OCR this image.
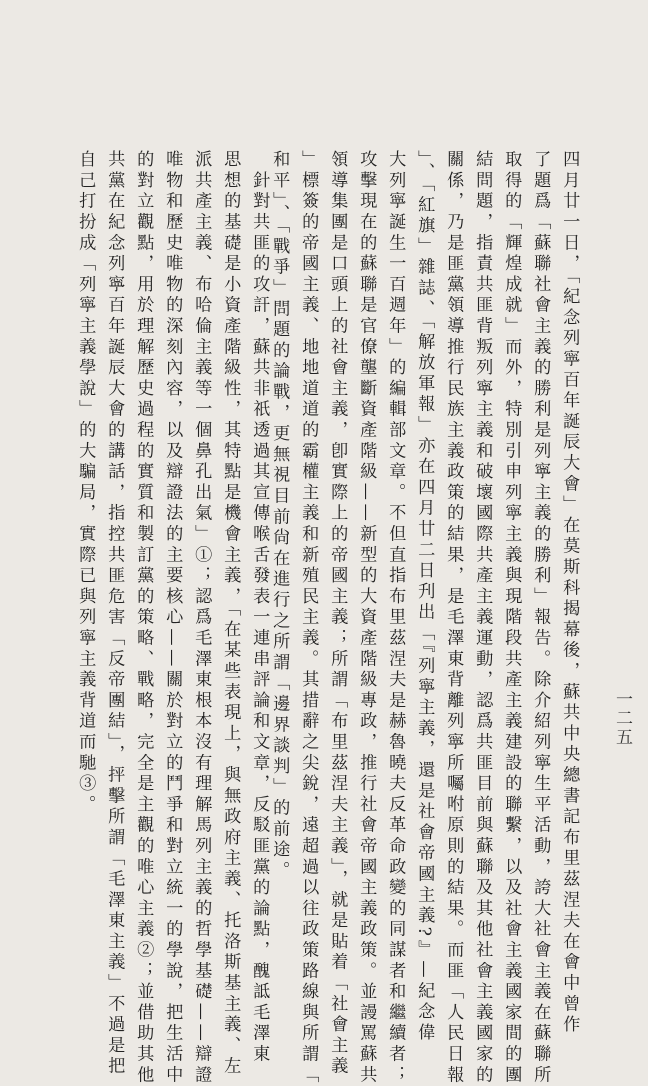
四月廿一日，「紀念列寧百年誕辰大會」在莫斯科揭幕後，蘇共中央總書記布里茲涅夫在會中曾作
了題爲「蘇聯社會主義的勝利是列寧主義的勝利」報告。除介紹列寧生平活動，誇大社會主義在蘇聯所
取得的「輝煌成就」而外，特別引申列寧主義與現階段共產主義建設的聯繫，以及社會主義國家間的團
結問題，指責共匪背叛列寧主義和破壞國際共產主義運動，認爲共匪目前與蘇聯及其他社會主義國家的
關係，乃是匪黨領導推行民族主義政策的結果，是毛澤東背離列寧所囑咐原則的結果。而匪「人民日報
」、「紅旗」雜誌、「解放軍報」亦在四月廿二日刋出「『列寧主義，還是社會帝國主義?』—紀念偉
大列寧誕生一百週年」的編輯部文章。不但直指布里茲涅夫是赫魯曉夫反革命政變的同謀者和繼續者；
攻擊現在的蘇聯是官僚壟斷資產階級——新型的大資產階級專政，推行社會帝國主義政策。並謾罵蘇共
領導集團是口頭上的社會主義，卽實際上的帝國主義；所謂「布里茲涅夫主義」，就是貼着「社會主義
」標簽的帝國主義、地地道道的霸權主義和新殖民主義。其措辭之尖銳，遠超過以往政策路線與所謂「
和平」、「戰爭」問題的論戰，更無視目前尙在進行之所謂「邊界談判」的前途。
　針對共匪的攻訐，蘇共非祇透過其宣傳喉舌發表一連串評論和文章，反駁匪黨的論點，醜詆毛澤東
思想的基礎是小資產階級性，其特點是機會主義，「在某些表現上，與無政府主義、托洛斯基主義、左
派共產主義、布哈倫主義等一個鼻孔出氣」①；認爲毛澤東根本沒有理解馬列主義的哲學基礎——辯證
唯物和歷史唯物的深刻內容，以及辯證法的主要核心——關於對立的鬥爭和對立統一的學說，把生活中
的對立觀點，用於理解歷史過程的實質和製訂黨的策略、戰略，完全是主觀的唯心主義②；並借助其他
共黨在紀念列寧百年誕辰大會的講話，指控共匪危害「反帝團結」，抨擊所謂「毛澤東主義」不過是把
自己打扮成「列寧主義學說」的大騙局，實際已與列寧主義背道而馳③。	一二五
